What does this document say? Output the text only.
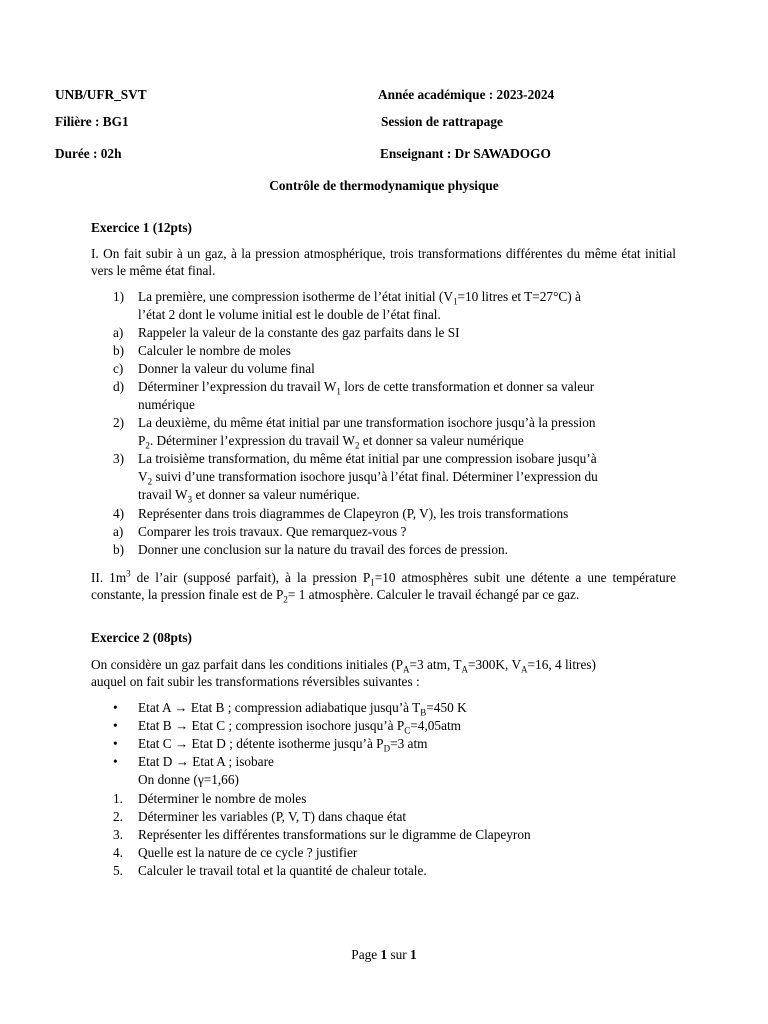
UNB/UFR_SVT	Année académique : 2023-2024
Filière : BG1	Session de rattrapage
Durée : 02h	Enseignant : Dr SAWADOGO
Contrôle de thermodynamique physique
Exercice 1 (12pts)
I. On fait subir à un gaz, à la pression atmosphérique, trois transformations différentes du même état initial vers le même état final.
1)	La première, une compression isotherme de l’état initial ($V_1=10$ litres et T=27°C) à
l’état 2 dont le volume initial est le double de l’état final.
a)	Rappeler la valeur de la constante des gaz parfaits dans le SI
b)	Calculer le nombre de moles
c)	Donner la valeur du volume final
d)	Déterminer l’expression du travail $W_1$ lors de cette transformation et donner sa valeur
numérique
2)	La deuxième, du même état initial par une transformation isochore jusqu’à la pression
$P_2$. Déterminer l’expression du travail $W_2$ et donner sa valeur numérique
3)	La troisième transformation, du même état initial par une compression isobare jusqu’à
$V_2$ suivi d’une transformation isochore jusqu’à l’état final. Déterminer l’expression du
travail $W_3$ et donner sa valeur numérique.
4)	Représenter dans trois diagrammes de Clapeyron (P, V), les trois transformations
a)	Comparer les trois travaux. Que remarquez-vous ?
b)	Donner une conclusion sur la nature du travail des forces de pression.
II. $1m^3$ de l’air (supposé parfait), à la pression $P_1=10$ atmosphères subit une détente a une température constante, la pression finale est de $P_2= 1$ atmosphère. Calculer le travail échangé par ce gaz.
Exercice 2 (08pts)
On considère un gaz parfait dans les conditions initiales ($P_A=3$ atm, $T_A=300K$, $V_A=16$, 4 litres)
auquel on fait subir les transformations réversibles suivantes :
•	Etat A → Etat B ; compression adiabatique jusqu’à $T_B=450$ K
•	Etat B → Etat C ; compression isochore jusqu’à $P_C=4,05atm$
•	Etat C → Etat D ; détente isotherme jusqu’à $P_D=3$ atm
•	Etat D → Etat A ; isobare
On donne (γ=1,66)
1.	Déterminer le nombre de moles
2.	Déterminer les variables (P, V, T) dans chaque état
3.	Représenter les différentes transformations sur le digramme de Clapeyron
4.	Quelle est la nature de ce cycle ? justifier
5.	Calculer le travail total et la quantité de chaleur totale.
Page 1 sur 1
